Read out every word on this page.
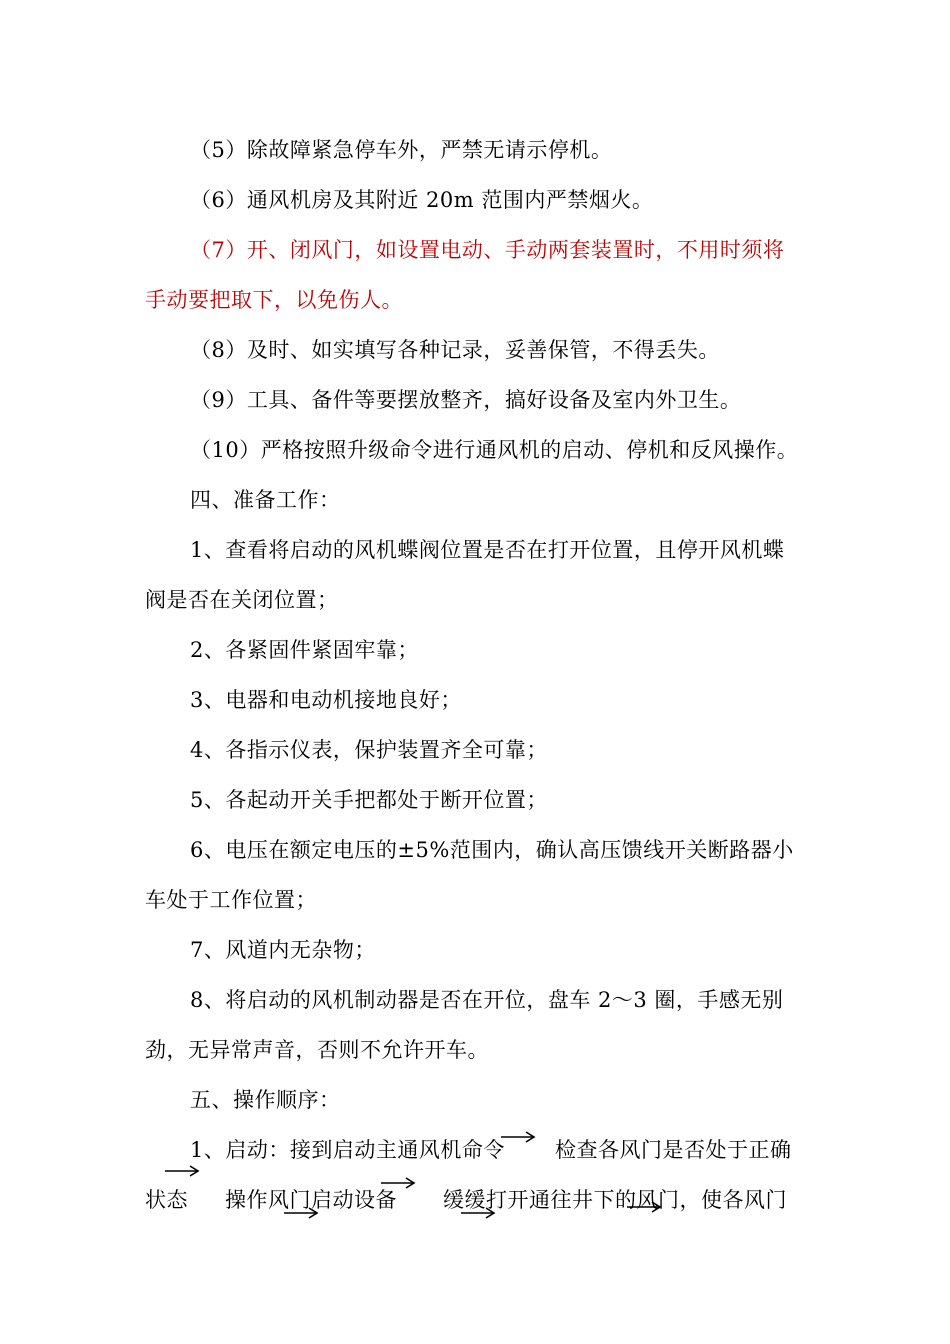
（5）除故障紧急停车外，严禁无请示停机。
（6）通风机房及其附近 20m 范围内严禁烟火。
（7）开、闭风门，如设置电动、手动两套装置时，不用时须将
手动要把取下，以免伤人。
（8）及时、如实填写各种记录，妥善保管，不得丢失。
（9）工具、备件等要摆放整齐，搞好设备及室内外卫生。
（10）严格按照升级命令进行通风机的启动、停机和反风操作。
四、准备工作：
1、查看将启动的风机蝶阀位置是否在打开位置，且停开风机蝶
阀是否在关闭位置；
2、各紧固件紧固牢靠；
3、电器和电动机接地良好；
4、各指示仪表，保护装置齐全可靠；
5、各起动开关手把都处于断开位置；
6、电压在额定电压的±5%范围内，确认高压馈线开关断路器小
车处于工作位置；
7、风道内无杂物；
8、将启动的风机制动器是否在开位，盘车 2～3 圈，手感无别
劲，无异常声音，否则不允许开车。
五、操作顺序：
1、启动：接到启动主通风机命令 检查各风门是否处于正确
状态 操作风门启动设备 缓缓打开通往井下的风门，使各风门
